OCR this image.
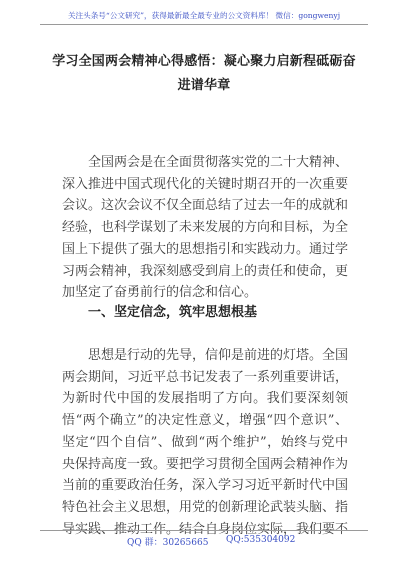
关注头条号“公文研究”，获得最新最全最专业的公文资料库！ 微信：gongwenyj
学习全国两会精神心得感悟：凝心聚力启新程砥砺奋进谱华章

全国两会是在全面贯彻落实党的二十大精神、深入推进中国式现代化的关键时期召开的一次重要会议。这次会议不仅全面总结了过去一年的成就和经验，也科学谋划了未来发展的方向和目标，为全国上下提供了强大的思想指引和实践动力。通过学习两会精神，我深刻感受到肩上的责任和使命，更加坚定了奋勇前行的信念和信心。

一、坚定信念，筑牢思想根基

思想是行动的先导，信仰是前进的灯塔。全国两会期间，习近平总书记发表了一系列重要讲话，为新时代中国的发展指明了方向。我们要深刻领悟“两个确立”的决定性意义，增强“四个意识”、坚定“四个自信”、做到“两个维护”，始终与党中央保持高度一致。要把学习贯彻全国两会精神作为当前的重要政治任务，深入学习习近平新时代中国特色社会主义思想，用党的创新理论武装头脑、指导实践、推动工作。结合自身岗位实际，我们要不

QQ 群：30265665 QQ:535304092
